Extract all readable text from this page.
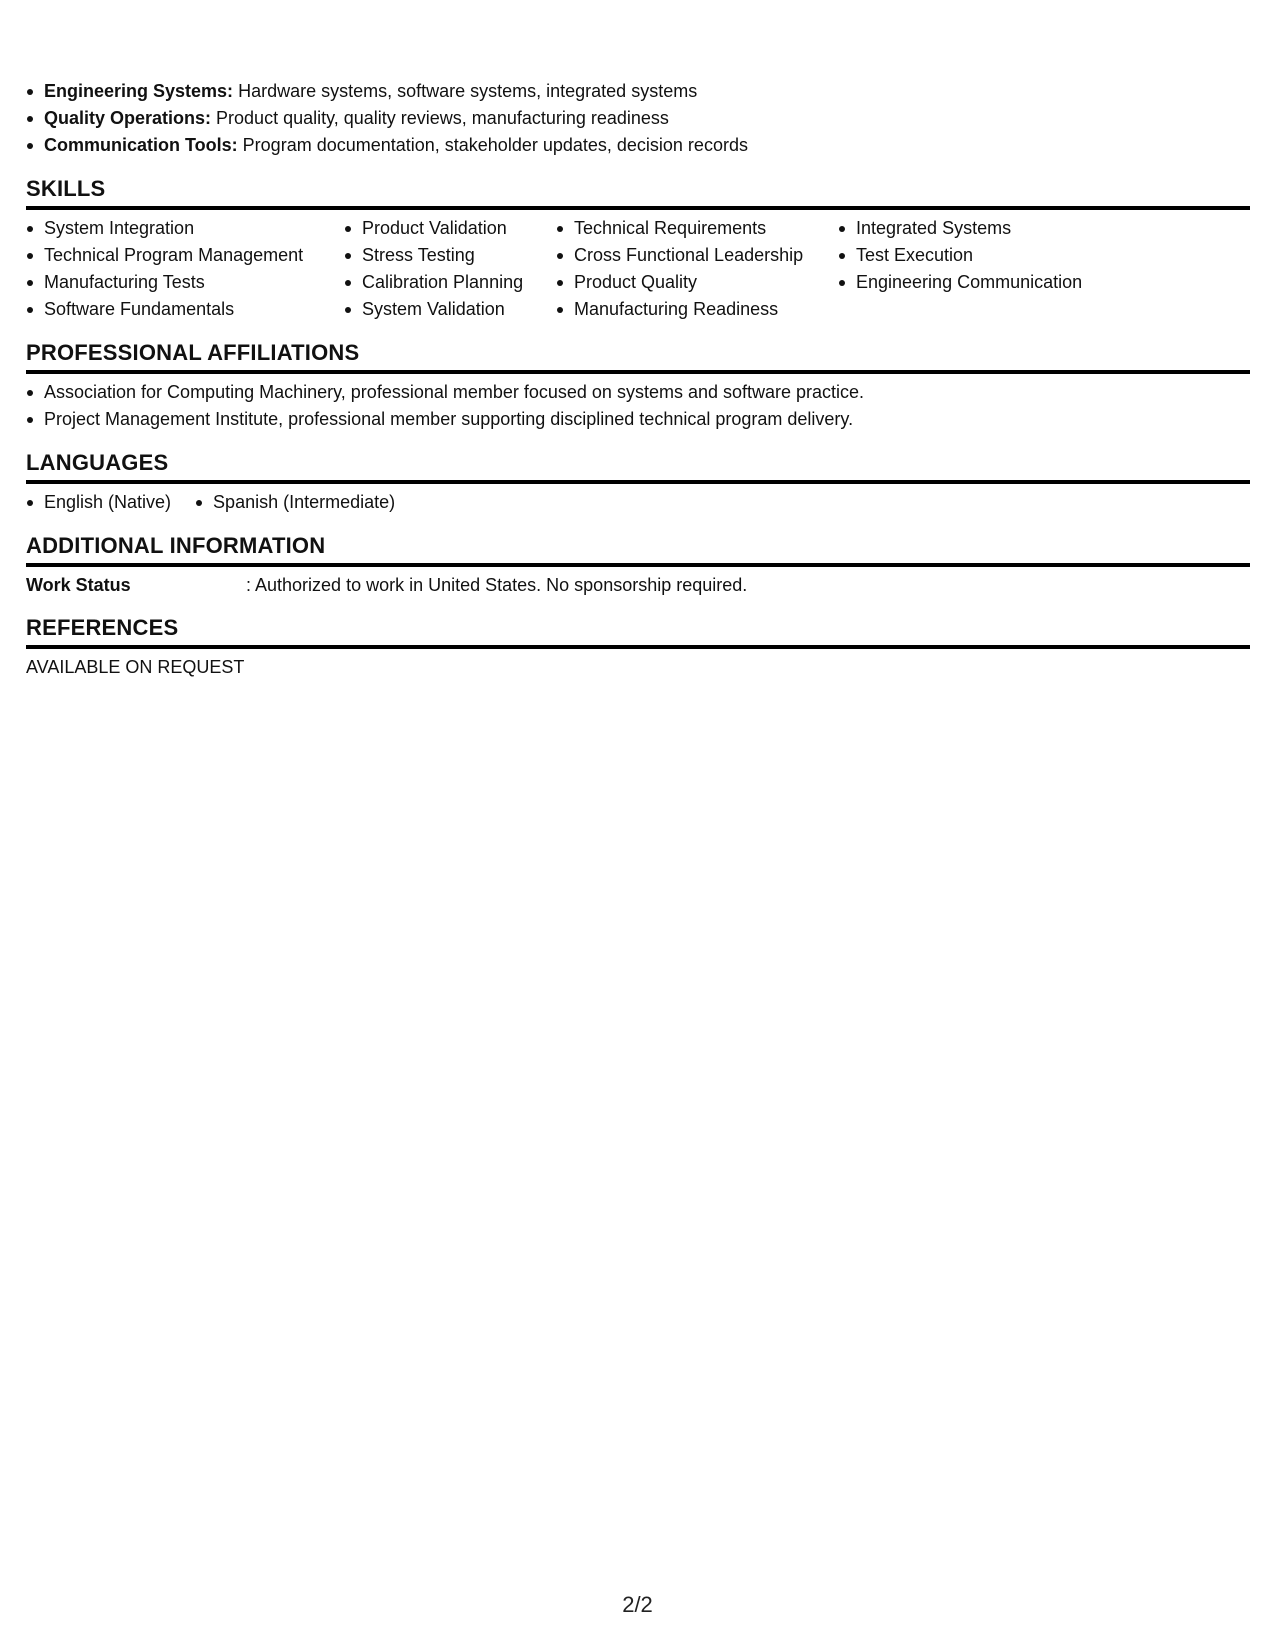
Engineering Systems: Hardware systems, software systems, integrated systems
Quality Operations: Product quality, quality reviews, manufacturing readiness
Communication Tools: Program documentation, stakeholder updates, decision records
SKILLS
System Integration
Technical Program Management
Manufacturing Tests
Software Fundamentals
Product Validation
Stress Testing
Calibration Planning
System Validation
Technical Requirements
Cross Functional Leadership
Product Quality
Manufacturing Readiness
Integrated Systems
Test Execution
Engineering Communication
PROFESSIONAL AFFILIATIONS
Association for Computing Machinery, professional member focused on systems and software practice.
Project Management Institute, professional member supporting disciplined technical program delivery.
LANGUAGES
English (Native)	Spanish (Intermediate)
ADDITIONAL INFORMATION
Work Status	: Authorized to work in United States. No sponsorship required.
REFERENCES
AVAILABLE ON REQUEST
2/2
